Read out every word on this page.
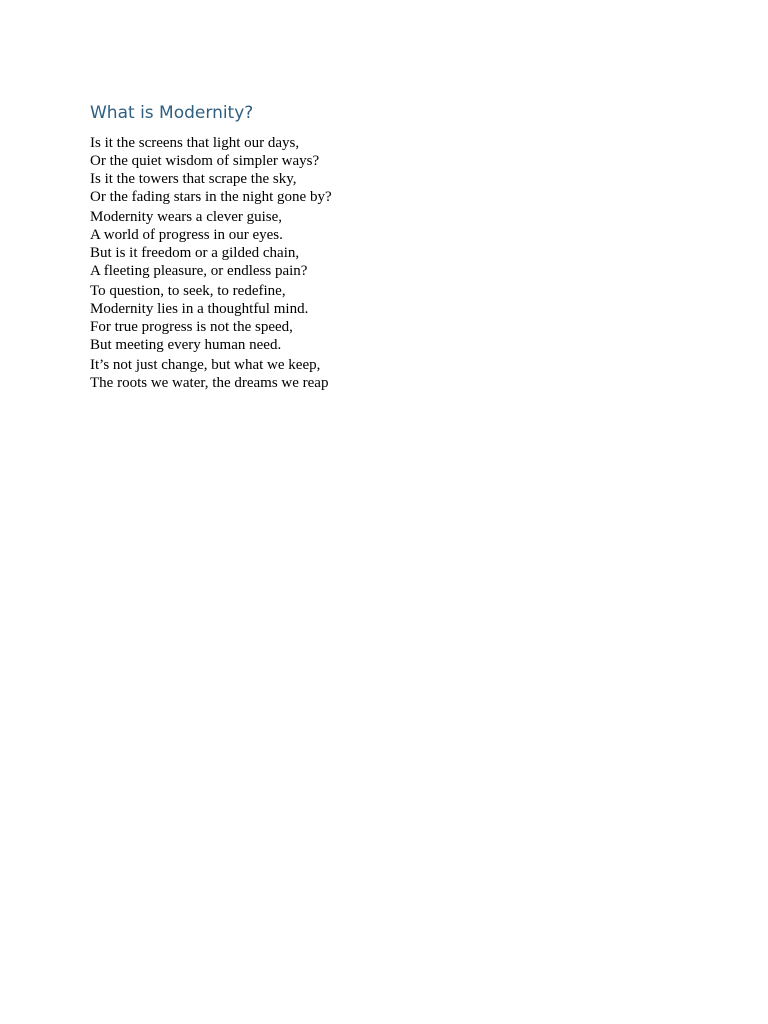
What is Modernity?
Is it the screens that light our days,
Or the quiet wisdom of simpler ways?
Is it the towers that scrape the sky,
Or the fading stars in the night gone by?
Modernity wears a clever guise,
A world of progress in our eyes.
But is it freedom or a gilded chain,
A fleeting pleasure, or endless pain?
To question, to seek, to redefine,
Modernity lies in a thoughtful mind.
For true progress is not the speed,
But meeting every human need.
It’s not just change, but what we keep,
The roots we water, the dreams we reap
